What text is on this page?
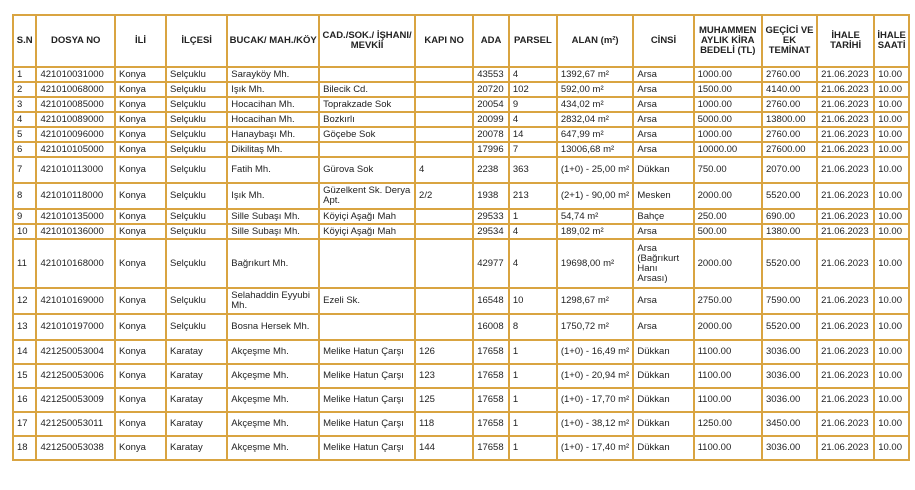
S.N	DOSYA NO	İLİ	İLÇESİ	BUCAK/ MAH./KÖY	CAD./SOK./ İŞHANI/ MEVKİİ	KAPI NO	ADA	PARSEL	ALAN (m²)	CİNSİ	MUHAMMEN AYLIK KİRA BEDELİ (TL)	GEÇİCİ VE EK TEMİNAT	İHALE TARİHİ	İHALE SAATİ
1	421010031000	Konya	Selçuklu	Sarayköy Mh.			43553	4	1392,67 m²	Arsa	1000.00	2760.00	21.06.2023	10.00
2	421010068000	Konya	Selçuklu	Işık Mh.	Bilecik Cd.		20720	102	592,00 m²	Arsa	1500.00	4140.00	21.06.2023	10.00
3	421010085000	Konya	Selçuklu	Hocacihan Mh.	Toprakzade Sok		20054	9	434,02 m²	Arsa	1000.00	2760.00	21.06.2023	10.00
4	421010089000	Konya	Selçuklu	Hocacihan Mh.	Bozkırlı		20099	4	2832,04 m²	Arsa	5000.00	13800.00	21.06.2023	10.00
5	421010096000	Konya	Selçuklu	Hanaybaşı Mh.	Göçebe Sok		20078	14	647,99 m²	Arsa	1000.00	2760.00	21.06.2023	10.00
6	421010105000	Konya	Selçuklu	Dikilitaş Mh.			17996	7	13006,68 m²	Arsa	10000.00	27600.00	21.06.2023	10.00
7	421010113000	Konya	Selçuklu	Fatih Mh.	Gürova Sok	4	2238	363	(1+0) - 25,00 m²	Dükkan	750.00	2070.00	21.06.2023	10.00
8	421010118000	Konya	Selçuklu	Işık Mh.	Güzelkent Sk. Derya Apt.	2/2	1938	213	(2+1) - 90,00 m²	Mesken	2000.00	5520.00	21.06.2023	10.00
9	421010135000	Konya	Selçuklu	Sille Subaşı Mh.	Köyiçi Aşağı Mah		29533	1	54,74 m²	Bahçe	250.00	690.00	21.06.2023	10.00
10	421010136000	Konya	Selçuklu	Sille Subaşı Mh.	Köyiçi Aşağı Mah		29534	4	189,02 m²	Arsa	500.00	1380.00	21.06.2023	10.00
11	421010168000	Konya	Selçuklu	Bağrıkurt Mh.			42977	4	19698,00 m²	Arsa (Bağrıkurt Hanı Arsası)	2000.00	5520.00	21.06.2023	10.00
12	421010169000	Konya	Selçuklu	Selahaddin Eyyubi Mh.	Ezeli Sk.		16548	10	1298,67 m²	Arsa	2750.00	7590.00	21.06.2023	10.00
13	421010197000	Konya	Selçuklu	Bosna Hersek Mh.			16008	8	1750,72 m²	Arsa	2000.00	5520.00	21.06.2023	10.00
14	421250053004	Konya	Karatay	Akçeşme Mh.	Melike Hatun Çarşı	126	17658	1	(1+0) - 16,49 m²	Dükkan	1100.00	3036.00	21.06.2023	10.00
15	421250053006	Konya	Karatay	Akçeşme Mh.	Melike Hatun Çarşı	123	17658	1	(1+0) - 20,94 m²	Dükkan	1100.00	3036.00	21.06.2023	10.00
16	421250053009	Konya	Karatay	Akçeşme Mh.	Melike Hatun Çarşı	125	17658	1	(1+0) - 17,70 m²	Dükkan	1100.00	3036.00	21.06.2023	10.00
17	421250053011	Konya	Karatay	Akçeşme Mh.	Melike Hatun Çarşı	118	17658	1	(1+0) - 38,12 m²	Dükkan	1250.00	3450.00	21.06.2023	10.00
18	421250053038	Konya	Karatay	Akçeşme Mh.	Melike Hatun Çarşı	144	17658	1	(1+0) - 17,40 m²	Dükkan	1100.00	3036.00	21.06.2023	10.00
